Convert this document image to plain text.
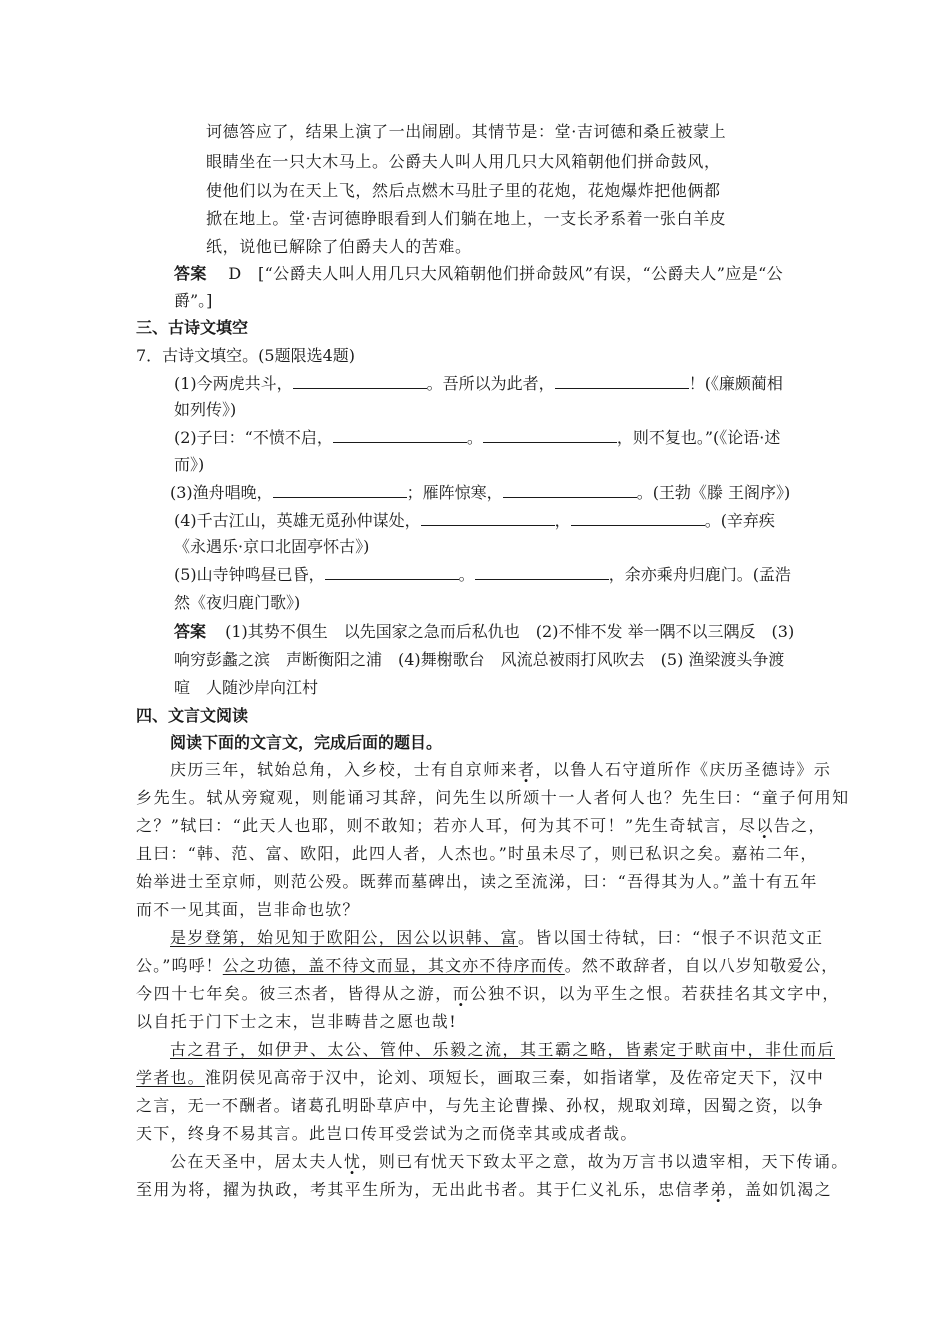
诃德答应了，结果上演了一出闹剧。其情节是：堂·吉诃德和桑丘被蒙上
眼睛坐在一只大木马上。公爵夫人叫人用几只大风箱朝他们拼命鼓风，
使他们以为在天上飞，然后点燃木马肚子里的花炮，花炮爆炸把他俩都
掀在地上。堂·吉诃德睁眼看到人们躺在地上，一支长矛系着一张白羊皮
纸，说他已解除了伯爵夫人的苦难。
答案 D　[“公爵夫人叫人用几只大风箱朝他们拼命鼓风”有误，“公爵夫人”应是“公
爵”。]
三、古诗文填空
7．古诗文填空。(5题限选4题)
(1)今两虎共斗，	。吾所以为此者，	！(《廉颇蔺相
如列传》)
(2)子曰：“不愤不启，	。	，则不复也。”(《论语·述
而》)
(3)渔舟唱晚，	；雁阵惊寒，	。(王勃《滕 王阁序》)
(4)千古江山，英雄无觅孙仲谋处，	，	。(辛弃疾
《永遇乐·京口北固亭怀古》)
(5)山寺钟鸣昼已昏，	。	，余亦乘舟归鹿门。(孟浩
然《夜归鹿门歌》)
答案 (1)其势不俱生　以先国家之急而后私仇也　(2)不悱不发 举一隅不以三隅反　(3)
响穷彭蠡之滨　声断衡阳之浦　(4)舞榭歌台　风流总被雨打风吹去　(5) 渔梁渡头争渡
喧　人随沙岸向江村
四、文言文阅读
阅读下面的文言文，完成后面的题目。
庆历三年，轼始总角，入乡校，士有自京师来者，以鲁人石守道所作《庆历圣德诗》示
乡先生。轼从旁窥观，则能诵习其辞，问先生以所颂十一人者何人也？先生曰：“童子何用知
之？”轼曰：“此天人也耶，则不敢知；若亦人耳，何为其不可！”先生奇轼言，尽以告之，
且曰：“韩、范、富、欧阳，此四人者，人杰也。”时虽未尽了，则已私识之矣。嘉祐二年，
始举进士至京师，则范公殁。既葬而墓碑出，读之至流涕，曰：“吾得其为人。”盖十有五年
而不一见其面，岂非命也欤？
是岁登第，始见知于欧阳公，因公以识韩、富。皆以国士待轼，曰：“恨子不识范文正
公。”呜呼！公之功德，盖不待文而显，其文亦不待序而传。然不敢辞者，自以八岁知敬爱公，
今四十七年矣。彼三杰者，皆得从之游，而公独不识，以为平生之恨。若获挂名其文字中，
以自托于门下士之末，岂非畴昔之愿也哉!
古之君子，如伊尹、太公、管仲、乐毅之流，其王霸之略，皆素定于畎亩中，非仕而后
学者也。淮阴侯见高帝于汉中，论刘、项短长，画取三秦，如指诸掌，及佐帝定天下，汉中
之言，无一不酬者。诸葛孔明卧草庐中，与先主论曹操、孙权，规取刘璋，因蜀之资，以争
天下，终身不易其言。此岂口传耳受尝试为之而侥幸其或成者哉。
公在天圣中，居太夫人忧，则已有忧天下致太平之意，故为万言书以遗宰相，天下传诵。
至用为将，擢为执政，考其平生所为，无出此书者。其于仁义礼乐，忠信孝弟，盖如饥渴之
